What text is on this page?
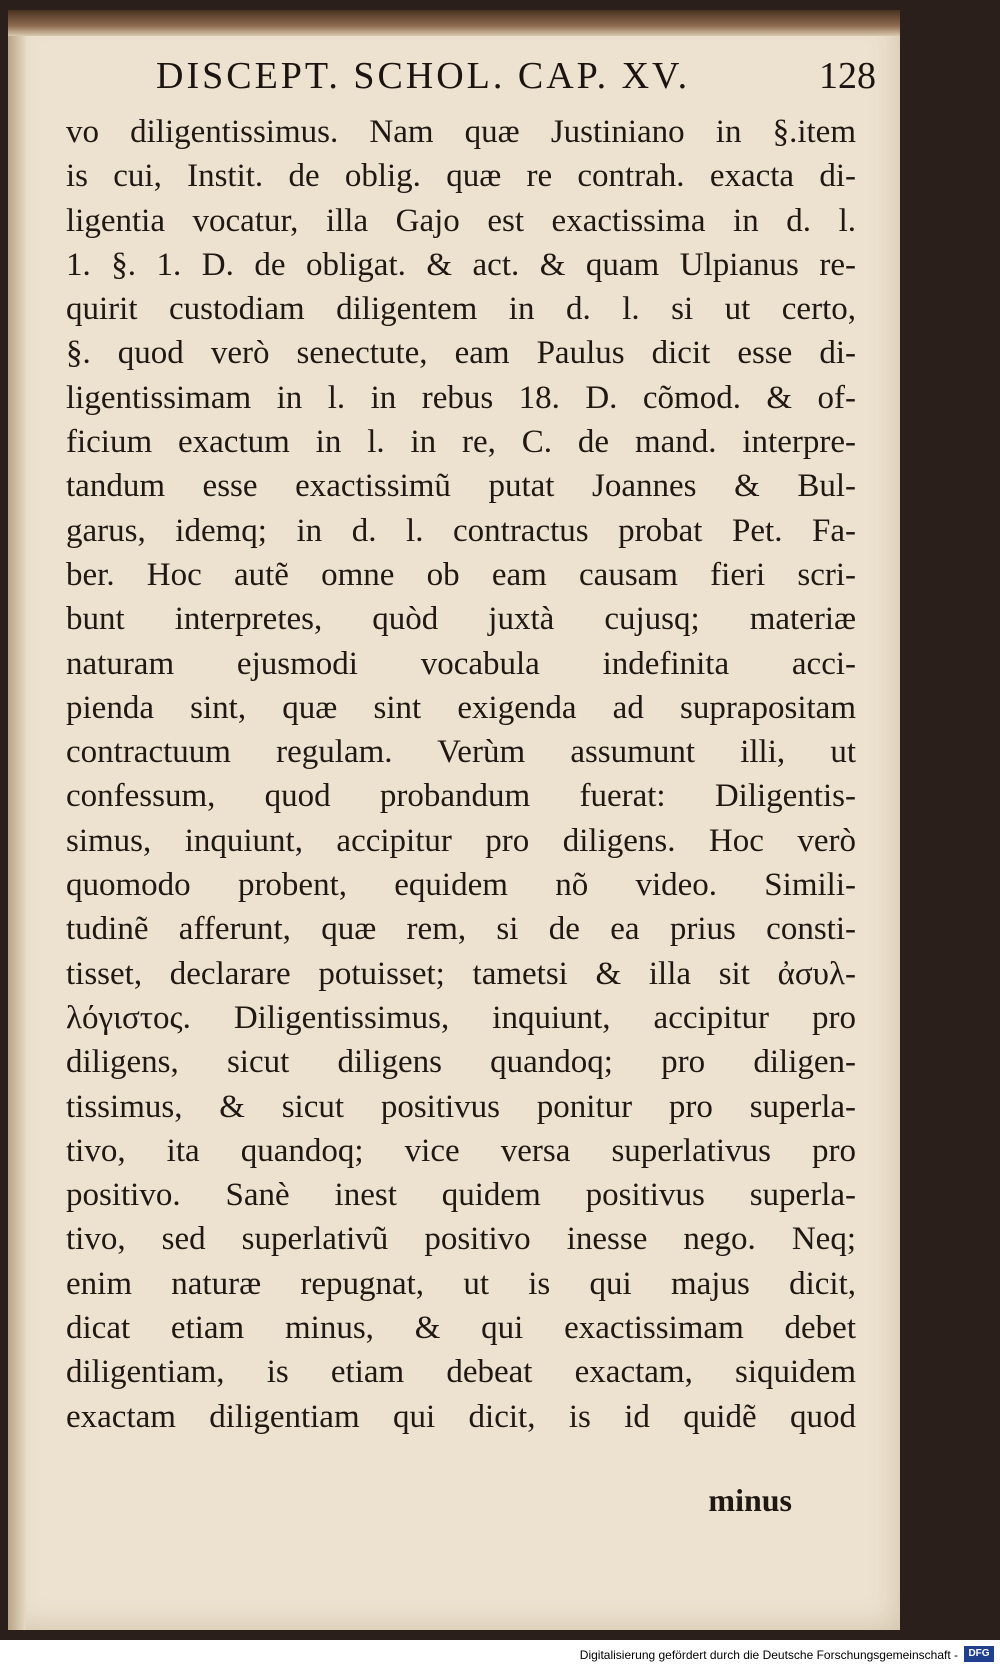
DISCEPT. SCHOL. CAP. XV.	128
vo diligentissimus. Nam quæ Justiniano in §.item
is cui, Instit. de oblig. quæ re contrah. exacta di-
ligentia vocatur, illa Gajo est exactissima in d. l.
1. §. 1. D. de obligat. & act. & quam Ulpianus re-
quirit custodiam diligentem in d. l. si ut certo,
§. quod verò senectute, eam Paulus dicit esse di-
ligentissimam in l. in rebus 18. D. cõmod. & of-
ficium exactum in l. in re, C. de mand. interpre-
tandum esse exactissimũ putat Joannes & Bul-
garus, idemq; in d. l. contractus probat Pet. Fa-
ber. Hoc autẽ omne ob eam causam fieri scri-
bunt interpretes, quòd juxtà cujusq; materiæ
naturam ejusmodi vocabula indefinita acci-
pienda sint, quæ sint exigenda ad suprapositam
contractuum regulam. Verùm assumunt illi, ut
confessum, quod probandum fuerat: Diligentis-
simus, inquiunt, accipitur pro diligens. Hoc verò
quomodo probent, equidem nõ video. Simili-
tudinẽ afferunt, quæ rem, si de ea prius consti-
tisset, declarare potuisset; tametsi & illa sit ἀσυλ-
λόγιστος. Diligentissimus, inquiunt, accipitur pro
diligens, sicut diligens quandoq; pro diligen-
tissimus, & sicut positivus ponitur pro superla-
tivo, ita quandoq; vice versa superlativus pro
positivo. Sanè inest quidem positivus superla-
tivo, sed superlativũ positivo inesse nego. Neq;
enim naturæ repugnat, ut is qui majus dicit,
dicat etiam minus, & qui exactissimam debet
diligentiam, is etiam debeat exactam, siquidem
exactam diligentiam qui dicit, is id quidẽ quod
minus
Digitalisierung gefördert durch die Deutsche Forschungsgemeinschaft -	DFG
